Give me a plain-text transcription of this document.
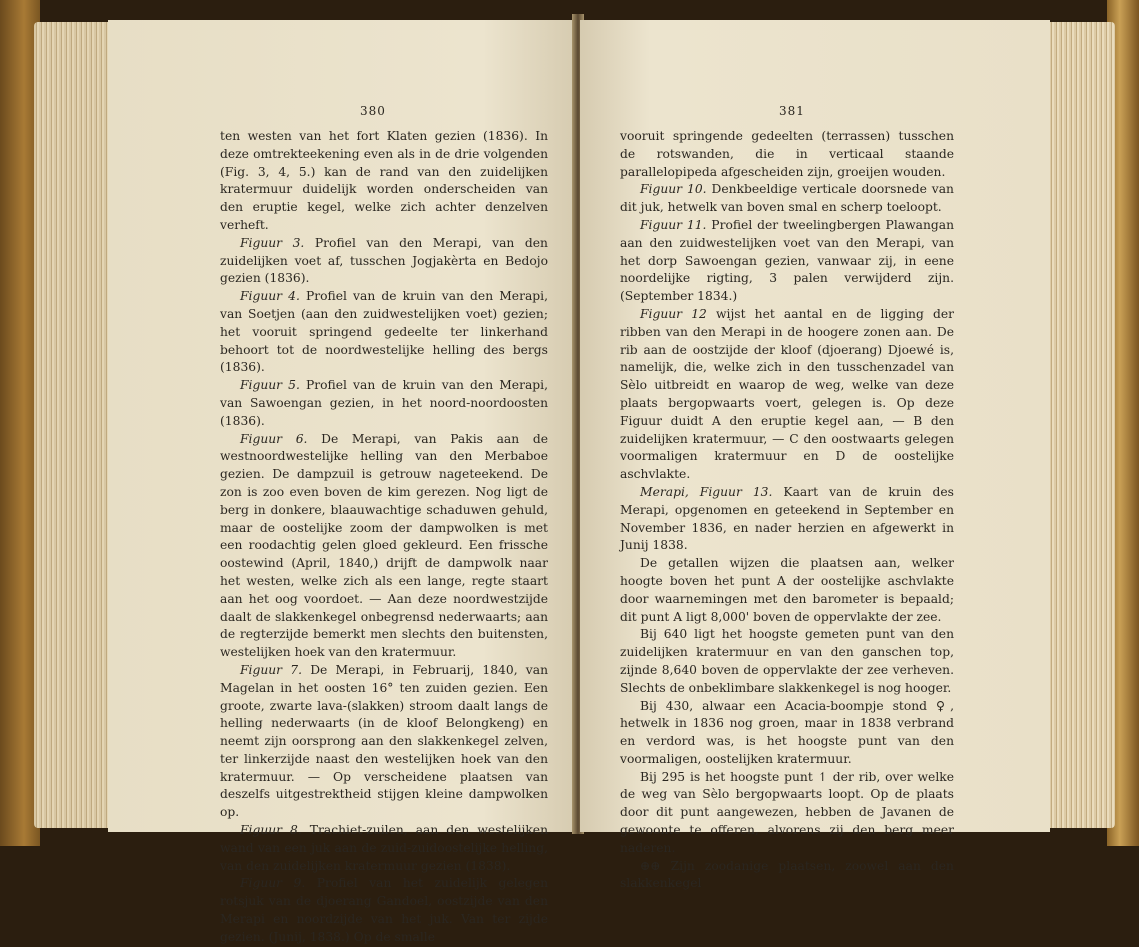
380

ten westen van het fort Klaten gezien (1836). In deze omtrekteekening even als in de drie volgenden (Fig. 3, 4, 5.) kan de rand van den zuidelijken kratermuur duidelijk worden onderscheiden van den eruptie kegel, welke zich achter denzelven verheft.

Figuur 3. Profiel van den Merapi, van den zuidelijken voet af, tusschen Jogjakèrta en Bedojo gezien (1836).

Figuur 4. Profiel van de kruin van den Merapi, van Soetjen (aan den zuidwestelijken voet) gezien; het vooruit springend gedeelte ter linkerhand behoort tot de noordwestelijke helling des bergs (1836).

Figuur 5. Profiel van de kruin van den Merapi, van Sawoengan gezien, in het noord-noordoosten (1836).

Figuur 6. De Merapi, van Pakis aan de westnoordwestelijke helling van den Merbaboe gezien. De dampzuil is getrouw nageteekend. De zon is zoo even boven de kim gerezen. Nog ligt de berg in donkere, blaauwachtige schaduwen gehuld, maar de oostelijke zoom der dampwolken is met een roodachtig gelen gloed gekleurd. Een frissche oostewind (April, 1840,) drijft de dampwolk naar het westen, welke zich als een lange, regte staart aan het oog voordoet. — Aan deze noordwestzijde daalt de slakkenkegel onbegrensd nederwaarts; aan de regterzijde bemerkt men slechts den buitensten, westelijken hoek van den kratermuur.

Figuur 7. De Merapi, in Februarij, 1840, van Magelan in het oosten 16° ten zuiden gezien. Een groote, zwarte lava-(slakken) stroom daalt langs de helling nederwaarts (in de kloof Belongkeng) en neemt zijn oorsprong aan den slakkenkegel zelven, ter linkerzijde naast den westelijken hoek van den kratermuur. — Op verscheidene plaatsen van deszelfs uitgestrektheid stijgen kleine dampwolken op.

Figuur 8. Trachiet-zuilen, aan den westelijken wand van een juk aan de zuid-zuidoostelijke helling, van den zuidelijken kratermuur gezien (1838).

Figuur 9. Profiel van het zuidelijk gelegen rotsjuk van de djoerang Gandoel, oostzijde van den Merapi en noordzijde van het juk. Van ter zijde gezien. (Junij, 1838.) Op de smalle

381

vooruit springende gedeelten (terrassen) tusschen de rotswanden, die in verticaal staande parallelopipeda afgescheiden zijn, groeijen wouden.

Figuur 10. Denkbeeldige verticale doorsnede van dit juk, hetwelk van boven smal en scherp toeloopt.

Figuur 11. Profiel der tweelingbergen Plawangan aan den zuidwestelijken voet van den Merapi, van het dorp Sawoengan gezien, vanwaar zij, in eene noordelijke rigting, 3 palen verwijderd zijn. (September 1834.)

Figuur 12 wijst het aantal en de ligging der ribben van den Merapi in de hoogere zonen aan. De rib aan de oostzijde der kloof (djoerang) Djoewé is, namelijk, die, welke zich in den tusschenzadel van Sèlo uitbreidt en waarop de weg, welke van deze plaats bergopwaarts voert, gelegen is. Op deze Figuur duidt A den eruptie kegel aan, — B den zuidelijken kratermuur, — C den oostwaarts gelegen voormaligen kratermuur en D de oostelijke aschvlakte.

Merapi, Figuur 13. Kaart van de kruin des Merapi, opgenomen en geteekend in September en November 1836, en nader herzien en afgewerkt in Junij 1838.

De getallen wijzen die plaatsen aan, welker hoogte boven het punt A der oostelijke aschvlakte door waarnemingen met den barometer is bepaald; dit punt A ligt 8,000' boven de oppervlakte der zee.

Bij 640 ligt het hoogste gemeten punt van den zuidelijken kratermuur en van den ganschen top, zijnde 8,640 boven de oppervlakte der zee verheven. Slechts de onbeklimbare slakkenkegel is nog hooger.

Bij 430, alwaar een Acacia-boompje stond ♀, hetwelk in 1836 nog groen, maar in 1838 verbrand en verdord was, is het hoogste punt van den voormaligen, oostelijken kratermuur.

Bij 295 is het hoogste punt ↿ der rib, over welke de weg van Sèlo bergopwaarts loopt. Op de plaats door dit punt aangewezen, hebben de Javanen de gewoonte te offeren, alvorens zij den berg meer naderen.

⊕⊕ Zijn zoodanige plaatsen, zoowel aan den slakkenkegel
